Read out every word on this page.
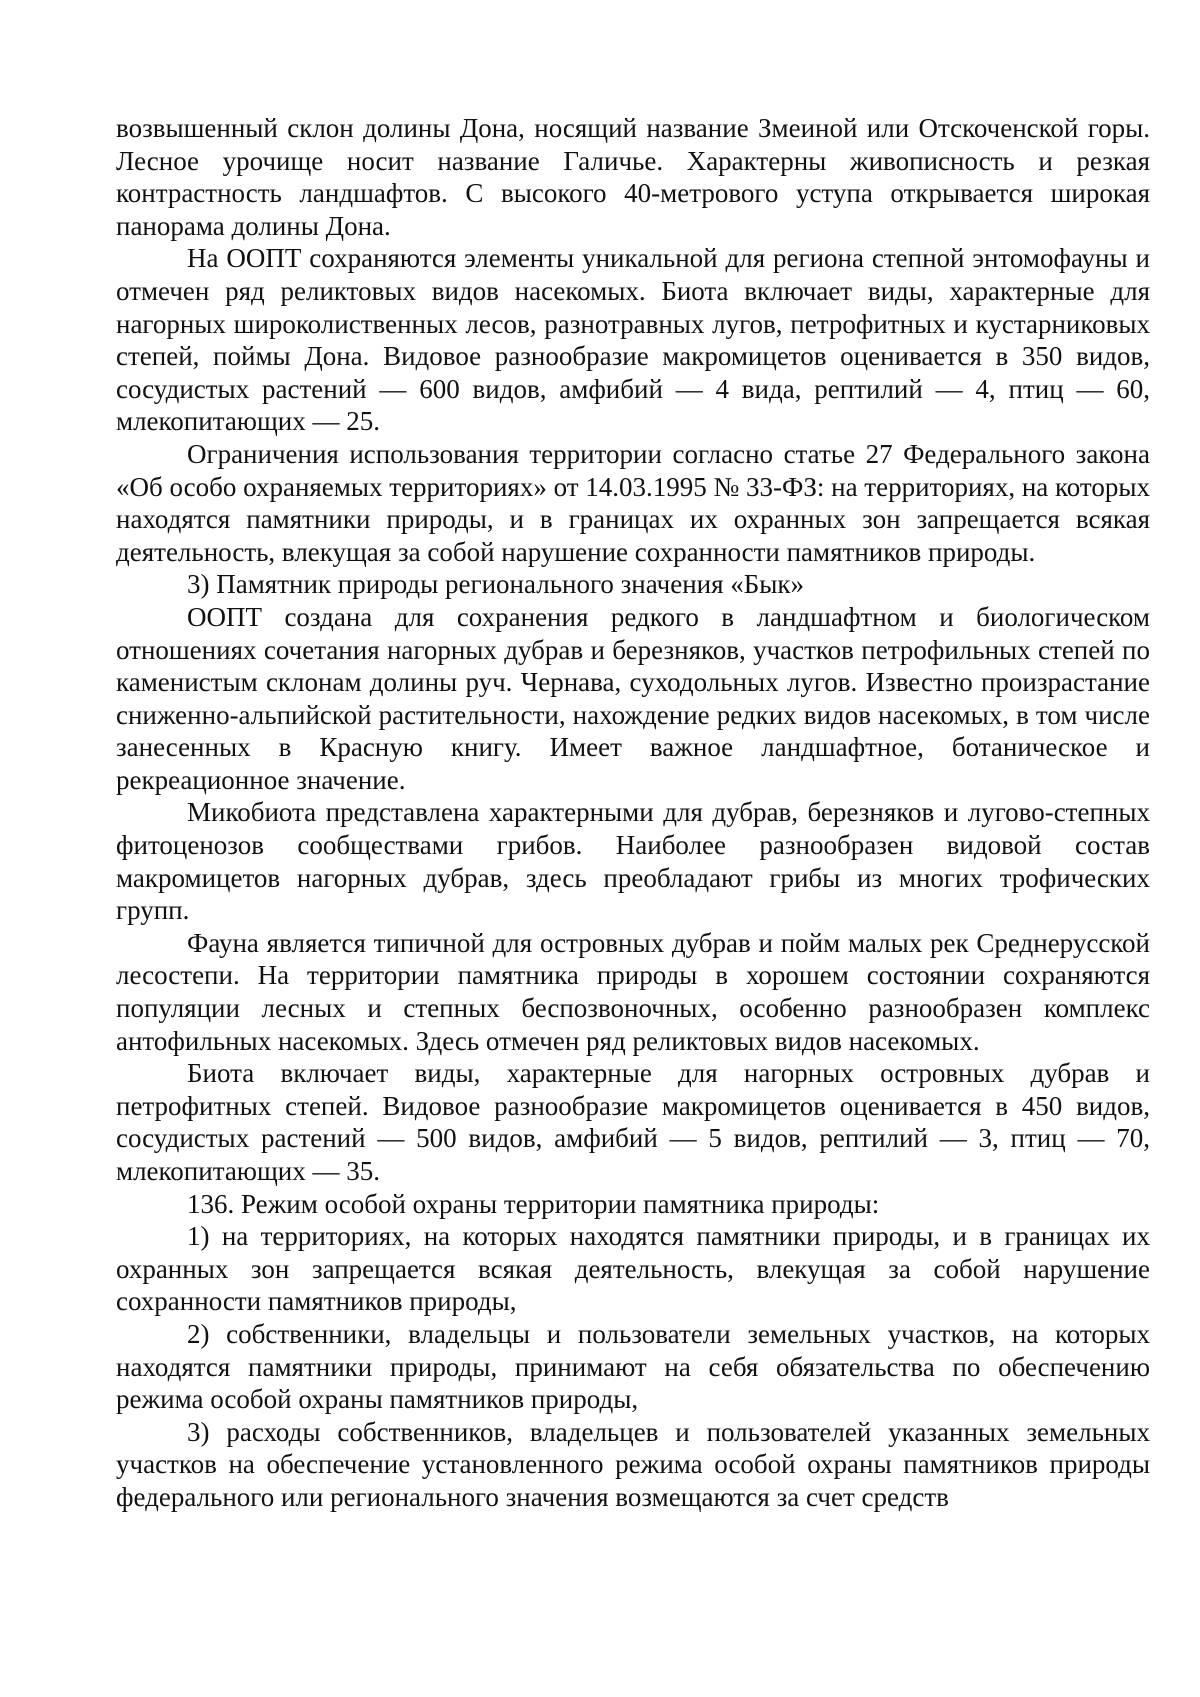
возвышенный склон долины Дона, носящий название Змеиной или Отскоченской горы. Лесное урочище носит название Галичье. Характерны живописность и резкая контрастность ландшафтов. С высокого 40-метрового уступа открывается широкая панорама долины Дона.

На ООПТ сохраняются элементы уникальной для региона степной энтомофауны и отмечен ряд реликтовых видов насекомых. Биота включает виды, характерные для нагорных широколиственных лесов, разнотравных лугов, петрофитных и кустарниковых степей, поймы Дона. Видовое разнообразие макромицетов оценивается в 350 видов, сосудистых растений — 600 видов, амфибий — 4 вида, рептилий — 4, птиц — 60, млекопитающих — 25.

Ограничения использования территории согласно статье 27 Федерального закона «Об особо охраняемых территориях» от 14.03.1995 № 33-ФЗ: на территориях, на которых находятся памятники природы, и в границах их охранных зон запрещается всякая деятельность, влекущая за собой нарушение сохранности памятников природы.

3) Памятник природы регионального значения «Бык»

ООПТ создана для сохранения редкого в ландшафтном и биологическом отношениях сочетания нагорных дубрав и березняков, участков петрофильных степей по каменистым склонам долины руч. Чернава, суходольных лугов. Известно произрастание сниженно-альпийской растительности, нахождение редких видов насекомых, в том числе занесенных в Красную книгу. Имеет важное ландшафтное, ботаническое и рекреационное значение.

Микобиота представлена характерными для дубрав, березняков и лугово-степных фитоценозов сообществами грибов. Наиболее разнообразен видовой состав макромицетов нагорных дубрав, здесь преобладают грибы из многих трофических групп.

Фауна является типичной для островных дубрав и пойм малых рек Среднерусской лесостепи. На территории памятника природы в хорошем состоянии сохраняются популяции лесных и степных беспозвоночных, особенно разнообразен комплекс антофильных насекомых. Здесь отмечен ряд реликтовых видов насекомых.

Биота включает виды, характерные для нагорных островных дубрав и петрофитных степей. Видовое разнообразие макромицетов оценивается в 450 видов, сосудистых растений — 500 видов, амфибий — 5 видов, рептилий — 3, птиц — 70, млекопитающих — 35.

136. Режим особой охраны территории памятника природы:

1) на территориях, на которых находятся памятники природы, и в границах их охранных зон запрещается всякая деятельность, влекущая за собой нарушение сохранности памятников природы,

2) собственники, владельцы и пользователи земельных участков, на которых находятся памятники природы, принимают на себя обязательства по обеспечению режима особой охраны памятников природы,

3) расходы собственников, владельцев и пользователей указанных земельных участков на обеспечение установленного режима особой охраны памятников природы федерального или регионального значения возмещаются за счет средств
